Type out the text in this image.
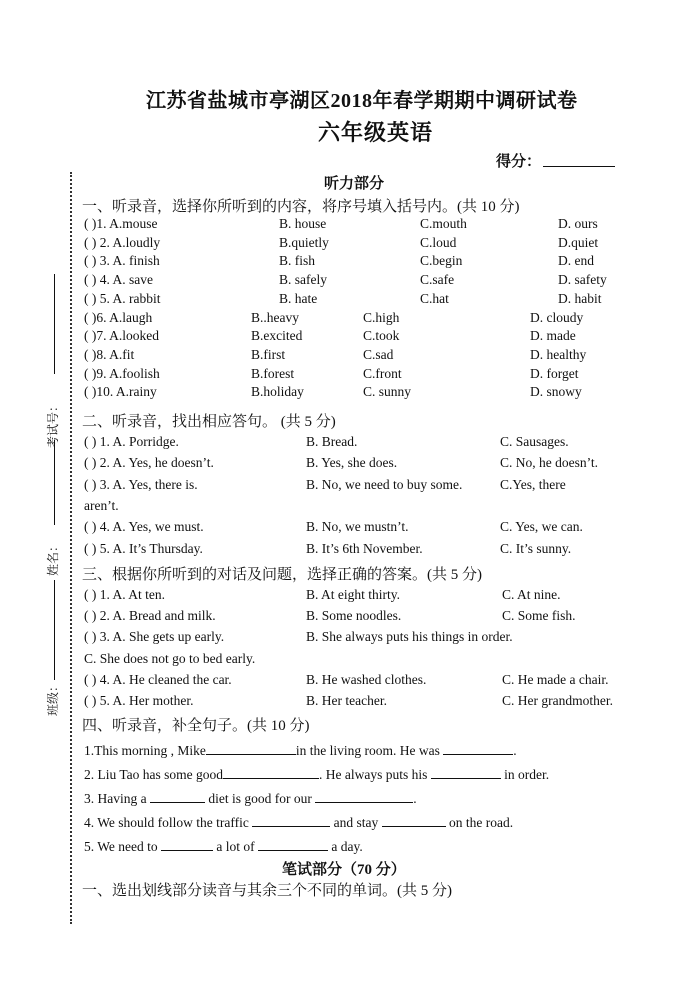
江苏省盐城市亭湖区2018年春学期期中调研试卷
六年级英语
得分：
考试号：
姓名：
班级：
听力部分
一、听录音，选择你所听到的内容，将序号填入括号内。(共 10 分)
( )1. A.mouse	B. house	C.mouth	D. ours
( ) 2. A.loudly	B.quietly	C.loud	D.quiet
( ) 3. A. finish	B. fish	C.begin	D. end
( ) 4. A. save	B. safely	C.safe	D. safety
( ) 5. A. rabbit	B. hate	C.hat	D. habit
( )6. A.laugh	B..heavy	C.high	D. cloudy
( )7. A.looked	B.excited	C.took	D. made
( )8. A.fit	B.first	C.sad	D. healthy
( )9. A.foolish	B.forest	C.front	D. forget
( )10. A.rainy	B.holiday	C. sunny	D. snowy
二、听录音，找出相应答句。 (共 5 分)
( ) 1. A. Porridge.	B. Bread.	C. Sausages.
( ) 2. A. Yes, he doesn’t.	B. Yes, she does.	C. No, he doesn’t.
( ) 3. A. Yes, there is.	B. No, we need to buy some.	C.Yes, there
aren’t.
( ) 4. A. Yes, we must.	B. No, we mustn’t.	C. Yes, we can.
( ) 5. A. It’s Thursday.	B. It’s 6th November.	C. It’s sunny.
三、根据你所听到的对话及问题，选择正确的答案。(共 5 分)
( ) 1. A. At ten.	B. At eight thirty.	C. At nine.
( ) 2. A. Bread and milk.	B. Some noodles.	C. Some fish.
( ) 3. A. She gets up early.	B. She always puts his things in order.
C. She does not go to bed early.
( ) 4. A. He cleaned the car.	B. He washed clothes.	C. He made a chair.
( ) 5. A. Her mother.	B. Her teacher.	C. Her grandmother.
四、听录音，补全句子。(共 10 分)
1.This morning , Mike	in the living room. He was	.
2. Liu Tao has some good	. He always puts his	in order.
3. Having a	diet is good for our	.
4. We should follow the traffic	and stay	on the road.
5. We need to	a lot of	a day.
笔试部分（70 分）
一、选出划线部分读音与其余三个不同的单词。(共 5 分)
